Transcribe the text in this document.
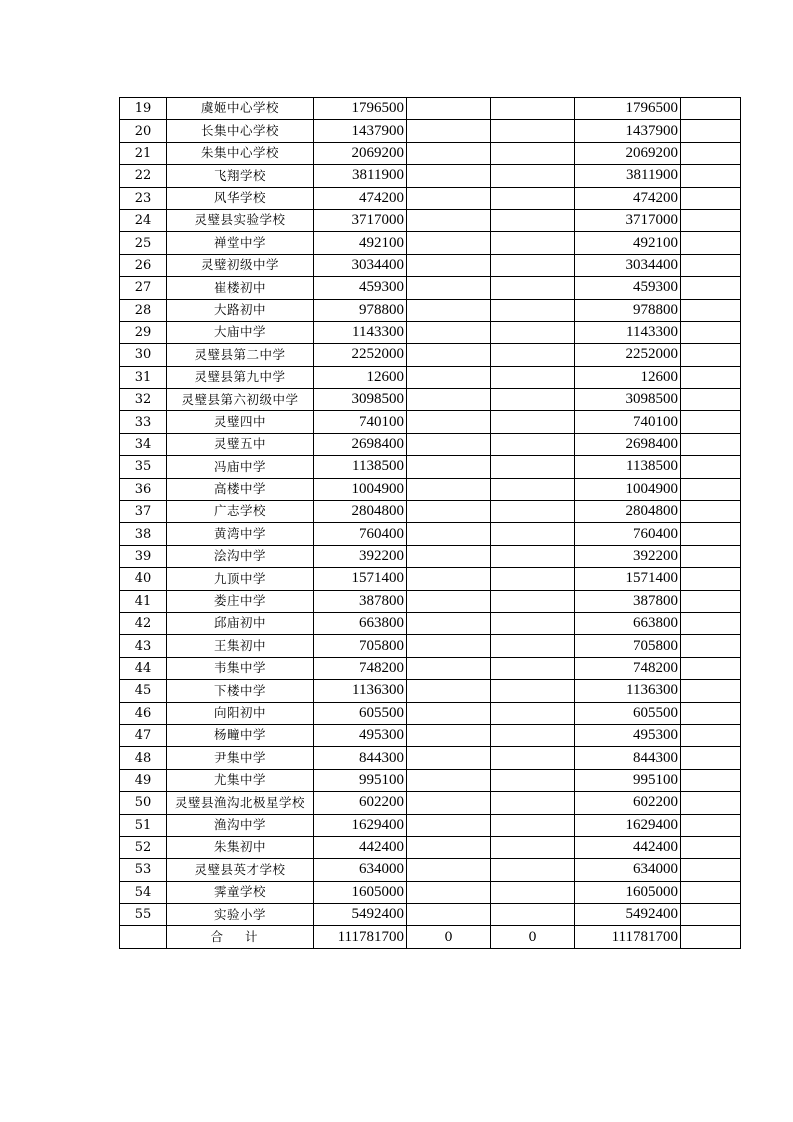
19	虞姬中心学校	1796500			1796500	
20	长集中心学校	1437900			1437900	
21	朱集中心学校	2069200			2069200	
22	飞翔学校	3811900			3811900	
23	风华学校	474200			474200	
24	灵璧县实验学校	3717000			3717000	
25	禅堂中学	492100			492100	
26	灵璧初级中学	3034400			3034400	
27	崔楼初中	459300			459300	
28	大路初中	978800			978800	
29	大庙中学	1143300			1143300	
30	灵璧县第二中学	2252000			2252000	
31	灵璧县第九中学	12600			12600	
32	灵璧县第六初级中学	3098500			3098500	
33	灵璧四中	740100			740100	
34	灵璧五中	2698400			2698400	
35	冯庙中学	1138500			1138500	
36	高楼中学	1004900			1004900	
37	广志学校	2804800			2804800	
38	黄湾中学	760400			760400	
39	浍沟中学	392200			392200	
40	九顶中学	1571400			1571400	
41	娄庄中学	387800			387800	
42	邱庙初中	663800			663800	
43	王集初中	705800			705800	
44	韦集中学	748200			748200	
45	下楼中学	1136300			1136300	
46	向阳初中	605500			605500	
47	杨疃中学	495300			495300	
48	尹集中学	844300			844300	
49	尤集中学	995100			995100	
50	灵璧县渔沟北极星学校	602200			602200	
51	渔沟中学	1629400			1629400	
52	朱集初中	442400			442400	
53	灵璧县英才学校	634000			634000	
54	霁童学校	1605000			1605000	
55	实验小学	5492400			5492400	
	合计	111781700	0	0	111781700	
